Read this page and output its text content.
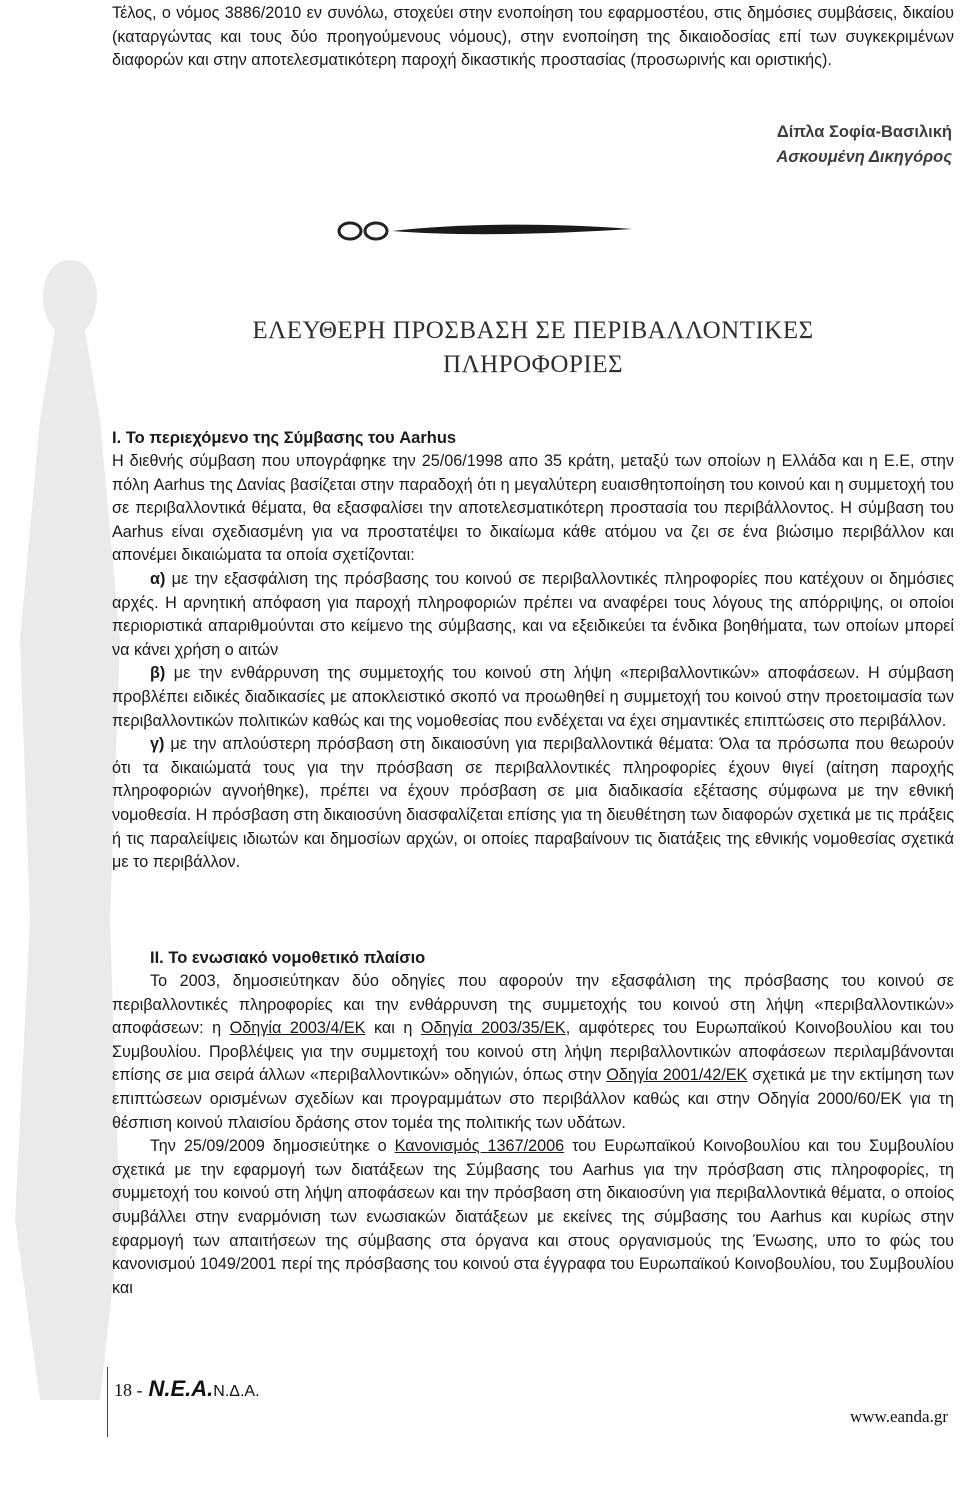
Τέλος, ο νόμος 3886/2010 εν συνόλω, στοχεύει στην ενοποίηση του εφαρμοστέου, στις δημόσιες συμβάσεις, δικαίου (καταργώντας και τους δύο προηγούμενους νόμους), στην ενοποίηση της δικαιοδοσίας επί των συγκεκριμένων διαφορών και στην αποτελεσματικότερη παροχή δικαστικής προστασίας (προσωρινής και οριστικής).

Δίπλα Σοφία-Βασιλική
Ασκουμένη Δικηγόρος
ΕΛΕΥΘΕΡΗ ΠΡΟΣΒΑΣΗ ΣΕ ΠΕΡΙΒΑΛΛΟΝΤΙΚΕΣ
ΠΛΗΡΟΦΟΡΙΕΣ
I. Το περιεχόμενο της Σύμβασης του Aarhus

Η διεθνής σύμβαση που υπογράφηκε την 25/06/1998 απο 35 κράτη, μεταξύ των οποίων η Ελλάδα και η Ε.Ε, στην πόλη Aarhus της Δανίας βασίζεται στην παραδοχή ότι η μεγαλύτερη ευαισθητοποίηση του κοινού και η συμμετοχή του σε περιβαλλοντικά θέματα, θα εξασφαλίσει την αποτελεσματικότερη προστασία του περιβάλλοντος. Η σύμβαση του Aarhus είναι σχεδιασμένη για να προστατέψει το δικαίωμα κάθε ατόμου να ζει σε ένα βιώσιμο περιβάλλον και απονέμει δικαιώματα τα οποία σχετίζονται:

α) με την εξασφάλιση της πρόσβασης του κοινού σε περιβαλλοντικές πληροφορίες που κατέχουν οι δημόσιες αρχές. Η αρνητική απόφαση για παροχή πληροφοριών πρέπει να αναφέρει τους λόγους της απόρριψης, οι οποίοι περιοριστικά απαριθμούνται στο κείμενο της σύμβασης, και να εξειδικεύει τα ένδικα βοηθήματα, των οποίων μπορεί να κάνει χρήση ο αιτών

β) με την ενθάρρυνση της συμμετοχής του κοινού στη λήψη «περιβαλλοντικών» αποφάσεων. Η σύμβαση προβλέπει ειδικές διαδικασίες με αποκλειστικό σκοπό να προωθηθεί η συμμετοχή του κοινού στην προετοιμασία των περιβαλλοντικών πολιτικών καθώς και της νομοθεσίας που ενδέχεται να έχει σημαντικές επιπτώσεις στο περιβάλλον.

γ) με την απλούστερη πρόσβαση στη δικαιοσύνη για περιβαλλοντικά θέματα: Όλα τα πρόσωπα που θεωρούν ότι τα δικαιώματά τους για την πρόσβαση σε περιβαλλοντικές πληροφορίες έχουν θιγεί (αίτηση παροχής πληροφοριών αγνοήθηκε), πρέπει να έχουν πρόσβαση σε μια διαδικασία εξέτασης σύμφωνα με την εθνική νομοθεσία. Η πρόσβαση στη δικαιοσύνη διασφαλίζεται επίσης για τη διευθέτηση των διαφορών σχετικά με τις πράξεις ή τις παραλείψεις ιδιωτών και δημοσίων αρχών, οι οποίες παραβαίνουν τις διατάξεις της εθνικής νομοθεσίας σχετικά με το περιβάλλον.

II. Το ενωσιακό νομοθετικό πλαίσιο

Το 2003, δημοσιεύτηκαν δύο οδηγίες που αφορούν την εξασφάλιση της πρόσβασης του κοινού σε περιβαλλοντικές πληροφορίες και την ενθάρρυνση της συμμετοχής του κοινού στη λήψη «περιβαλλοντικών» αποφάσεων: η Οδηγία 2003/4/ΕΚ και η Οδηγία 2003/35/ΕΚ, αμφότερες του Ευρωπαϊκού Κοινοβουλίου και του Συμβουλίου. Προβλέψεις για την συμμετοχή του κοινού στη λήψη περιβαλλοντικών αποφάσεων περιλαμβάνονται επίσης σε μια σειρά άλλων «περιβαλλοντικών» οδηγιών, όπως στην Οδηγία 2001/42/ΕΚ σχετικά με την εκτίμηση των επιπτώσεων ορισμένων σχεδίων και προγραμμάτων στο περιβάλλον καθώς και στην Οδηγία 2000/60/ΕΚ για τη θέσπιση κοινού πλαισίου δράσης στον τομέα της πολιτικής των υδάτων.

Την 25/09/2009 δημοσιεύτηκε ο Κανονισμός 1367/2006 του Ευρωπαϊκού Κοινοβουλίου και του Συμβουλίου σχετικά με την εφαρμογή των διατάξεων της Σύμβασης του Aarhus για την πρόσβαση στις πληροφορίες, τη συμμετοχή του κοινού στη λήψη αποφάσεων και την πρόσβαση στη δικαιοσύνη για περιβαλλοντικά θέματα, ο οποίος συμβάλλει στην εναρμόνιση των ενωσιακών διατάξεων με εκείνες της σύμβασης του Aarhus και κυρίως στην εφαρμογή των απαιτήσεων της σύμβασης στα όργανα και στους οργανισμούς της Ένωσης, υπο το φώς του κανονισμού 1049/2001 περί της πρόσβασης του κοινού στα έγγραφα του Ευρωπαϊκού Κοινοβουλίου, του Συμβουλίου και

18 - N.E.A.Ν.Δ.Α.
www.eanda.gr
